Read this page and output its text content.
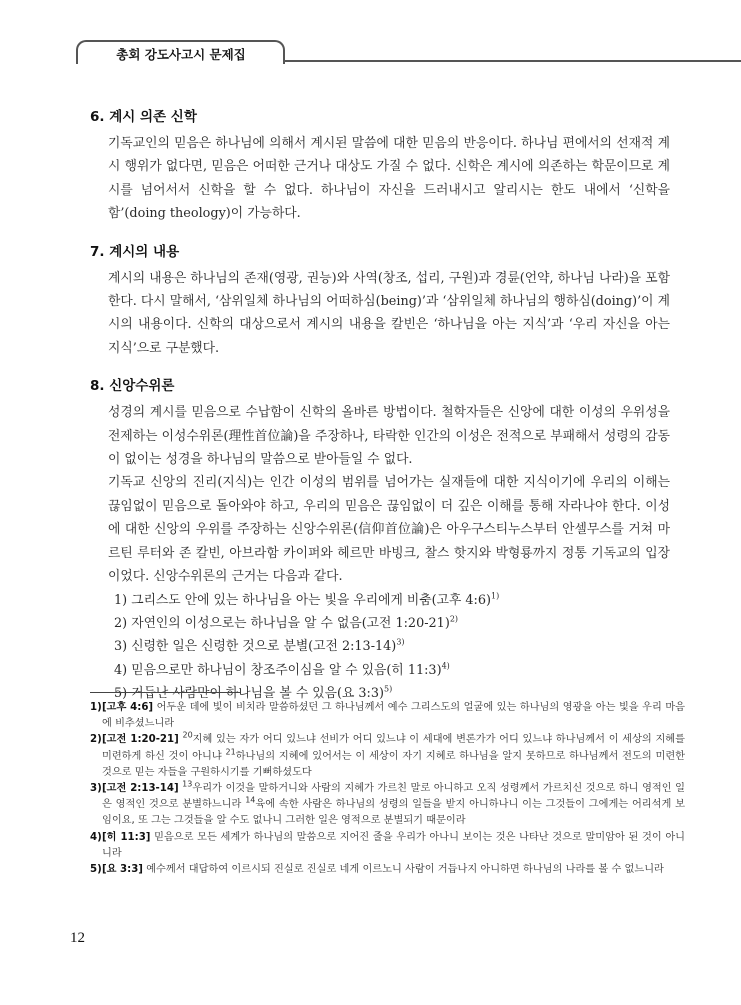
총회 강도사고시 문제집
6. 계시 의존 신학

기독교인의 믿음은 하나님에 의해서 계시된 말씀에 대한 믿음의 반응이다. 하나님 편에서의 선재적 계시 행위가 없다면, 믿음은 어떠한 근거나 대상도 가질 수 없다. 신학은 계시에 의존하는 학문이므로 계시를 넘어서서 신학을 할 수 없다. 하나님이 자신을 드러내시고 알리시는 한도 내에서 ‘신학을 함’(doing theology)이 가능하다.

7. 계시의 내용

계시의 내용은 하나님의 존재(영광, 권능)와 사역(창조, 섭리, 구원)과 경륜(언약, 하나님 나라)을 포함한다. 다시 말해서, ‘삼위일체 하나님의 어떠하심(being)’과 ‘삼위일체 하나님의 행하심(doing)’이 계시의 내용이다. 신학의 대상으로서 계시의 내용을 칼빈은 ‘하나님을 아는 지식’과 ‘우리 자신을 아는 지식’으로 구분했다.

8. 신앙수위론

성경의 계시를 믿음으로 수납함이 신학의 올바른 방법이다. 철학자들은 신앙에 대한 이성의 우위성을 전제하는 이성수위론(理性首位論)을 주장하나, 타락한 인간의 이성은 전적으로 부패해서 성령의 감동이 없이는 성경을 하나님의 말씀으로 받아들일 수 없다.

기독교 신앙의 진리(지식)는 인간 이성의 범위를 넘어가는 실재들에 대한 지식이기에 우리의 이해는 끊임없이 믿음으로 돌아와야 하고, 우리의 믿음은 끊임없이 더 깊은 이해를 통해 자라나야 한다. 이성에 대한 신앙의 우위를 주장하는 신앙수위론(信仰首位論)은 아우구스티누스부터 안셀무스를 거쳐 마르틴 루터와 존 칼빈, 아브라함 카이퍼와 헤르만 바빙크, 찰스 핫지와 박형룡까지 정통 기독교의 입장이었다. 신앙수위론의 근거는 다음과 같다.

1) 그리스도 안에 있는 하나님을 아는 빛을 우리에게 비춤(고후 4:6)$^{1)}$
2) 자연인의 이성으로는 하나님을 알 수 없음(고전 1:20-21)$^{2)}$
3) 신령한 일은 신령한 것으로 분별(고전 2:13-14)$^{3)}$
4) 믿음으로만 하나님이 창조주이심을 알 수 있음(히 11:3)$^{4)}$
5) 거듭난 사람만이 하나님을 볼 수 있음(요 3:3)$^{5)}$
1) [고후 4:6] 어두운 데에 빛이 비치라 말씀하셨던 그 하나님께서 예수 그리스도의 얼굴에 있는 하나님의 영광을 아는 빛을 우리 마음에 비추셨느니라
2) [고전 1:20-21] $^{20}$지혜 있는 자가 어디 있느냐 선비가 어디 있느냐 이 세대에 변론가가 어디 있느냐 하나님께서 이 세상의 지혜를 미련하게 하신 것이 아니냐 $^{21}$하나님의 지혜에 있어서는 이 세상이 자기 지혜로 하나님을 알지 못하므로 하나님께서 전도의 미련한 것으로 믿는 자들을 구원하시기를 기뻐하셨도다
3) [고전 2:13-14] $^{13}$우리가 이것을 말하거니와 사람의 지혜가 가르친 말로 아니하고 오직 성령께서 가르치신 것으로 하니 영적인 일은 영적인 것으로 분별하느니라 $^{14}$육에 속한 사람은 하나님의 성령의 일들을 받지 아니하나니 이는 그것들이 그에게는 어리석게 보임이요, 또 그는 그것들을 알 수도 없나니 그러한 일은 영적으로 분별되기 때문이라
4) [히 11:3] 믿음으로 모든 세계가 하나님의 말씀으로 지어진 줄을 우리가 아나니 보이는 것은 나타난 것으로 말미암아 된 것이 아니니라
5) [요 3:3] 예수께서 대답하여 이르시되 진실로 진실로 네게 이르노니 사람이 거듭나지 아니하면 하나님의 나라를 볼 수 없느니라
12
